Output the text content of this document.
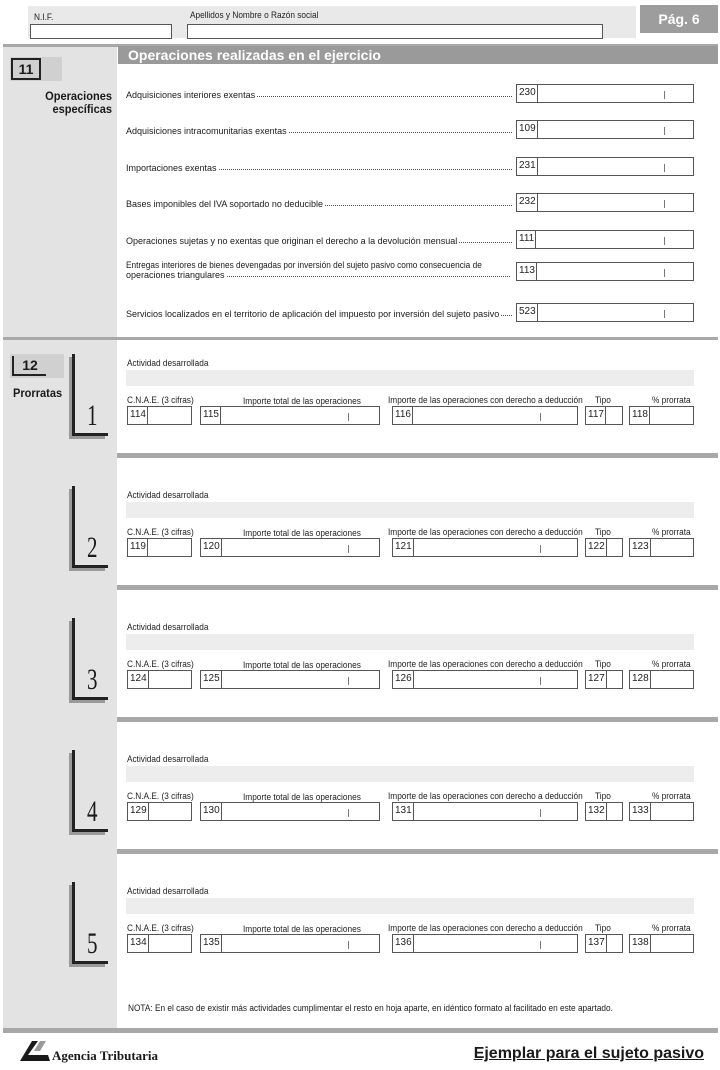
N.I.F.	Apellidos y Nombre o Razón social	Pág. 6
11
Operaciones
específicas
Operaciones realizadas en el ejercicio
Adquisiciones interiores exentas	230
Adquisiciones intracomunitarias exentas	109
Importaciones exentas	231
Bases imponibles del IVA soportado no deducible	232
Operaciones sujetas y no exentas que originan el derecho a la devolución mensual	111
Entregas interiores de bienes devengadas por inversión del sujeto pasivo como consecuencia de
operaciones triangulares	113
Servicios localizados en el territorio de aplicación del impuesto por inversión del sujeto pasivo 523
12
Prorratas
1
Actividad desarrollada
C.N.A.E. (3 cifras)	Importe total de las operaciones	Importe de las operaciones con derecho a deducción Tipo	% prorrata
114	115	116	117	118
2
Actividad desarrollada
C.N.A.E. (3 cifras)	Importe total de las operaciones	Importe de las operaciones con derecho a deducción Tipo	% prorrata
119	120	121	122	123
3
Actividad desarrollada
C.N.A.E. (3 cifras)	Importe total de las operaciones	Importe de las operaciones con derecho a deducción Tipo	% prorrata
124	125	126	127	128
4
Actividad desarrollada
C.N.A.E. (3 cifras)	Importe total de las operaciones	Importe de las operaciones con derecho a deducción Tipo	% prorrata
129	130	131	132	133
5
Actividad desarrollada
C.N.A.E. (3 cifras)	Importe total de las operaciones	Importe de las operaciones con derecho a deducción Tipo	% prorrata
134	135	136	137	138
NOTA: En el caso de existir más actividades cumplimentar el resto en hoja aparte, en idéntico formato al facilitado en este apartado.
Agencia Tributaria	Ejemplar para el sujeto pasivo
